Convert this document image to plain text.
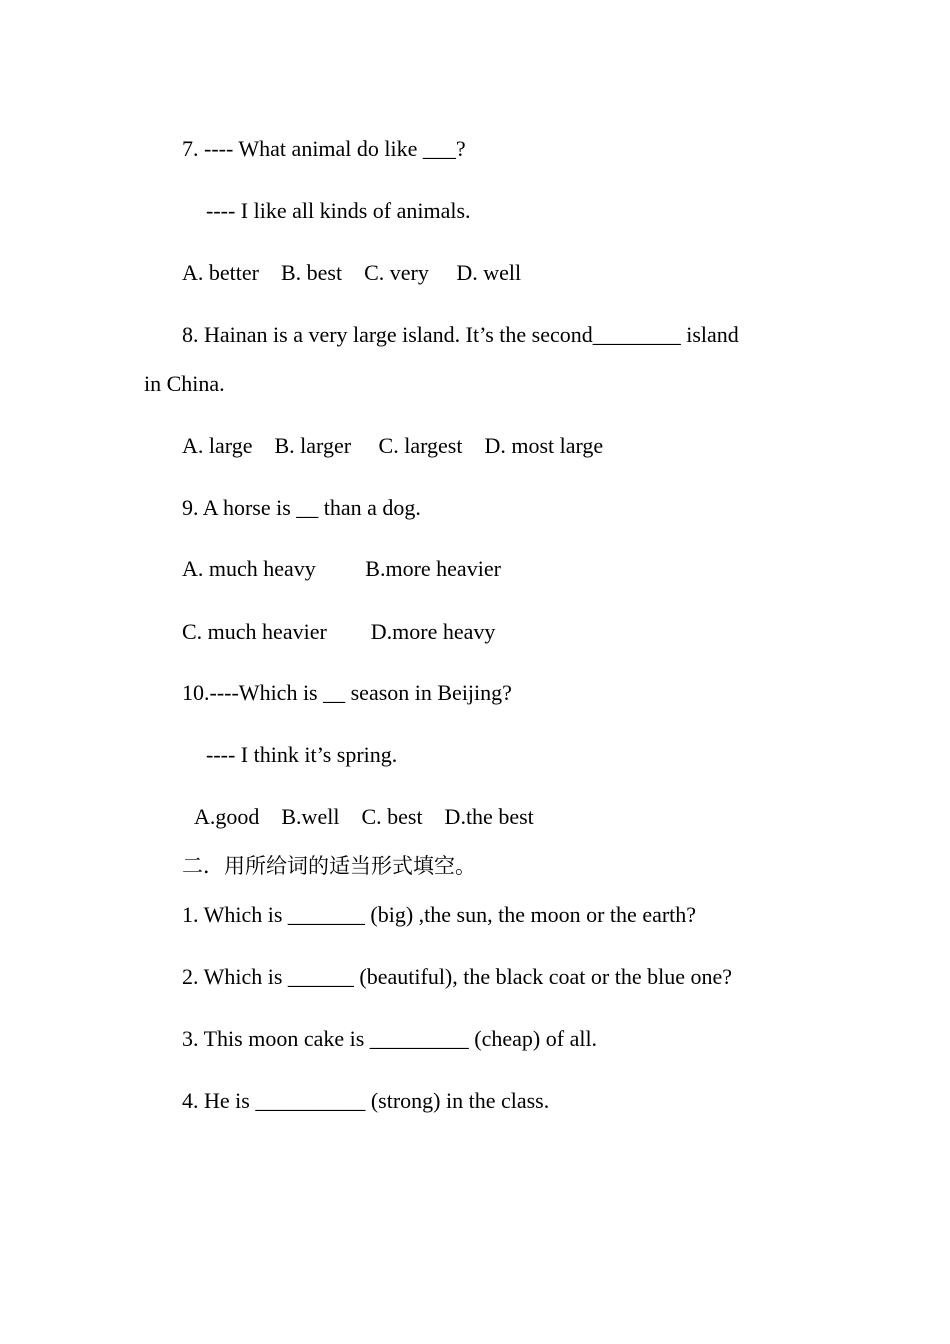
7. ---- What animal do like ___?
---- I like all kinds of animals.
A. better    B. best    C. very     D. well
8. Hainan is a very large island. It’s the second________ island
in China.
A. large    B. larger     C. largest    D. most large
9. A horse is __ than a dog.
A. much heavy         B.more heavier
C. much heavier        D.more heavy
10.----Which is __ season in Beijing?
---- I think it’s spring.
A.good    B.well    C. best    D.the best
二．用所给词的适当形式填空。
1. Which is _______ (big) ,the sun, the moon or the earth?
2. Which is ______ (beautiful), the black coat or the blue one?
3. This moon cake is _________ (cheap) of all.
4. He is __________ (strong) in the class.
